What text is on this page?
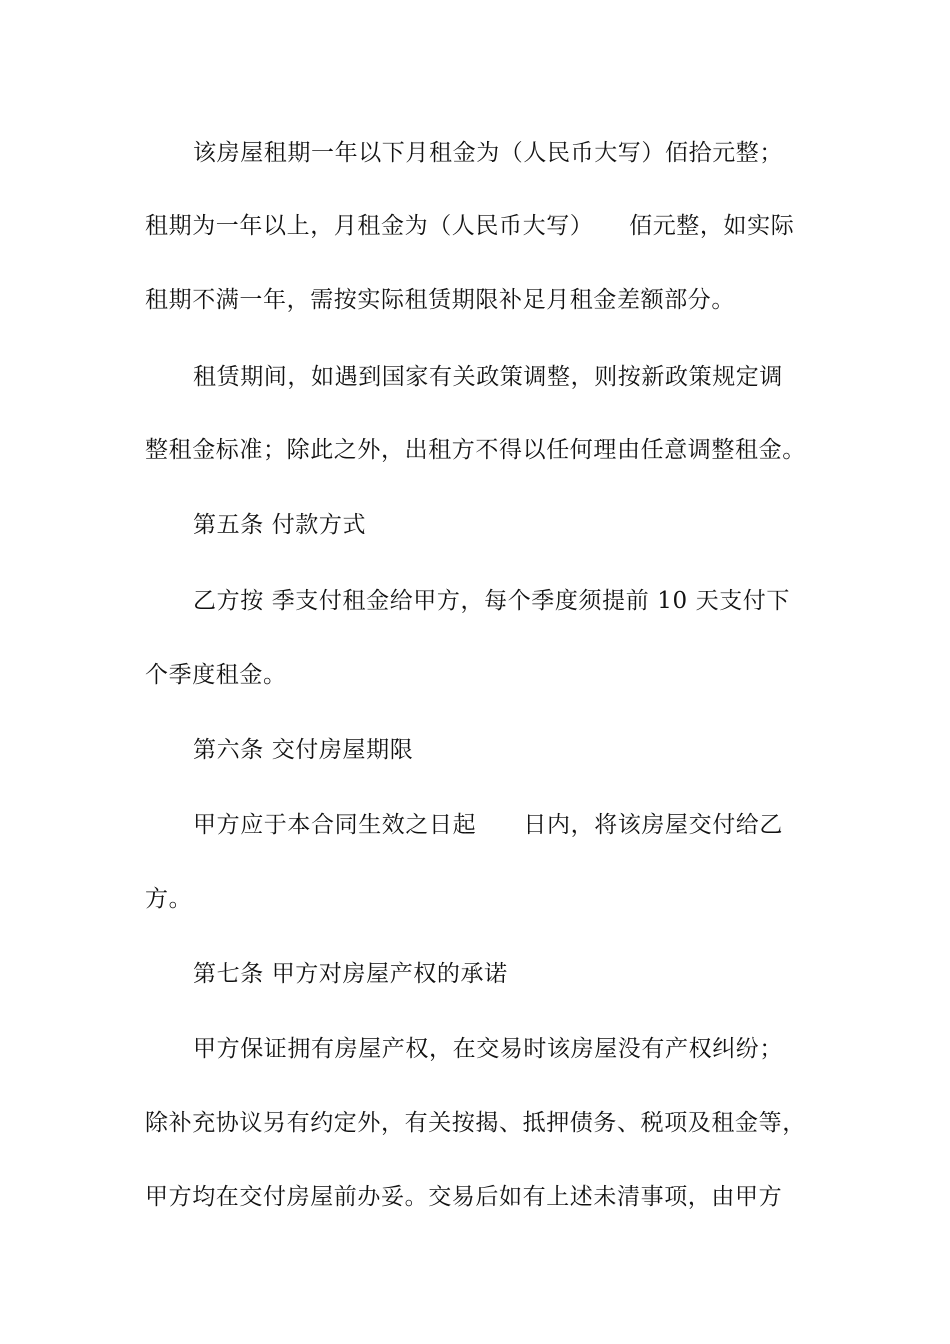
该房屋租期一年以下月租金为（人民币大写）佰拾元整；

租期为一年以上，月租金为（人民币大写）　　佰元整，如实际

租期不满一年，需按实际租赁期限补足月租金差额部分。

租赁期间，如遇到国家有关政策调整，则按新政策规定调

整租金标准；除此之外，出租方不得以任何理由任意调整租金。

第五条 付款方式

乙方按 季支付租金给甲方，每个季度须提前 10 天支付下

个季度租金。

第六条 交付房屋期限

甲方应于本合同生效之日起　　日内，将该房屋交付给乙

方。

第七条 甲方对房屋产权的承诺

甲方保证拥有房屋产权，在交易时该房屋没有产权纠纷；

除补充协议另有约定外，有关按揭、抵押债务、税项及租金等，

甲方均在交付房屋前办妥。交易后如有上述未清事项，由甲方
